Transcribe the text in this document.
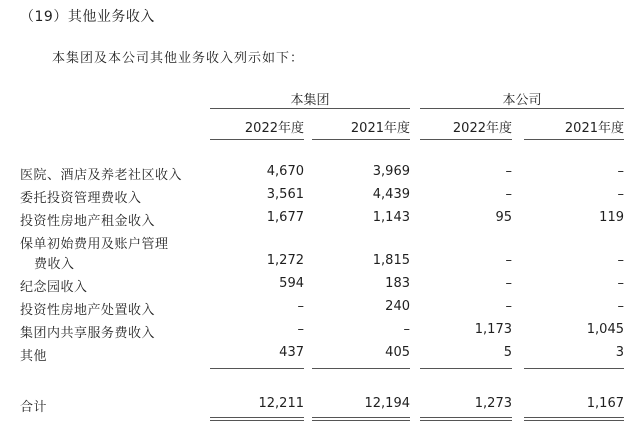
（19）其他业务收入
本集团及本公司其他业务收入列示如下：
本集团	本公司
2022年度	2021年度	2022年度	2021年度
医院、酒店及养老社区收入	4,670	3,969	–	–
委托投资管理费收入	3,561	4,439	–	–
投资性房地产租金收入	1,677	1,143	95	119
保单初始费用及账户管理
费收入	1,272	1,815	–	–
纪念园收入	594	183	–	–
投资性房地产处置收入	–	240	–	–
集团内共享服务费收入	–	–	1,173	1,045
其他	437	405	5	3
合计	12,211	12,194	1,273	1,167
